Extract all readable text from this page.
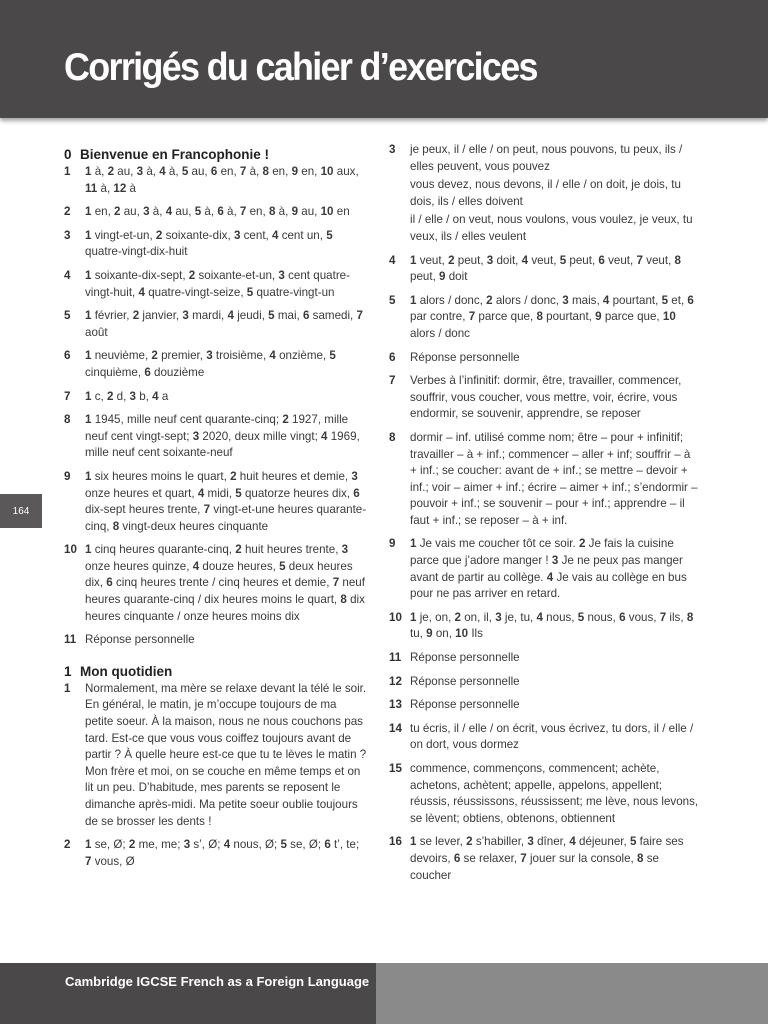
Corrigés du cahier d’exercices
164
0 Bienvenue en Francophonie !
1	1 à, 2 au, 3 à, 4 à, 5 au, 6 en, 7 à, 8 en, 9 en, 10 aux, 11 à, 12 à

2	1 en, 2 au, 3 à, 4 au, 5 à, 6 à, 7 en, 8 à, 9 au, 10 en

3	1 vingt-et-un, 2 soixante-dix, 3 cent, 4 cent un, 5 quatre-vingt-dix-huit

4	1 soixante-dix-sept, 2 soixante-et-un, 3 cent quatre-vingt-huit, 4 quatre-vingt-seize, 5 quatre-vingt-un

5	1 février, 2 janvier, 3 mardi, 4 jeudi, 5 mai, 6 samedi, 7 août

6	1 neuvième, 2 premier, 3 troisième, 4 onzième, 5 cinquième, 6 douzième

7	1 c, 2 d, 3 b, 4 a

8	1 1945, mille neuf cent quarante-cinq; 2 1927, mille neuf cent vingt-sept; 3 2020, deux mille vingt; 4 1969, mille neuf cent soixante-neuf

9	1 six heures moins le quart, 2 huit heures et demie, 3 onze heures et quart, 4 midi, 5 quatorze heures dix, 6 dix-sept heures trente, 7 vingt-et-une heures quarante-cinq, 8 vingt-deux heures cinquante

10 1 cinq heures quarante-cinq, 2 huit heures trente, 3 onze heures quinze, 4 douze heures, 5 deux heures dix, 6 cinq heures trente / cinq heures et demie, 7 neuf heures quarante-cinq / dix heures moins le quart, 8 dix heures cinquante / onze heures moins dix

11 Réponse personnelle

1 Mon quotidien
1	Normalement, ma mère se relaxe devant la télé le soir. En général, le matin, je m’occupe toujours de ma petite soeur. À la maison, nous ne nous couchons pas tard. Est-ce que vous vous coiffez toujours avant de partir ? À quelle heure est-ce que tu te lèves le matin ? Mon frère et moi, on se couche en même temps et on lit un peu. D’habitude, mes parents se reposent le dimanche après-midi. Ma petite soeur oublie toujours de se brosser les dents !

2	1 se, Ø; 2 me, me; 3 s’, Ø; 4 nous, Ø; 5 se, Ø; 6 t’, te; 7 vous, Ø

3	je peux, il / elle / on peut, nous pouvons, tu peux, ils / elles peuvent, vous pouvez

vous devez, nous devons, il / elle / on doit, je dois, tu dois, ils / elles doivent

il / elle / on veut, nous voulons, vous voulez, je veux, tu veux, ils / elles veulent

4	1 veut, 2 peut, 3 doit, 4 veut, 5 peut, 6 veut, 7 veut, 8 peut, 9 doit

5	1 alors / donc, 2 alors / donc, 3 mais, 4 pourtant, 5 et, 6 par contre, 7 parce que, 8 pourtant, 9 parce que, 10 alors / donc

6	Réponse personnelle

7	Verbes à l’infinitif: dormir, être, travailler, commencer, souffrir, vous coucher, vous mettre, voir, écrire, vous endormir, se souvenir, apprendre, se reposer

8	dormir – inf. utilisé comme nom; être – pour + infinitif; travailler – à + inf.; commencer – aller + inf; souffrir – à + inf.; se coucher: avant de + inf.; se mettre – devoir + inf.; voir – aimer + inf.; écrire – aimer + inf.; s’endormir – pouvoir + inf.; se souvenir – pour + inf.; apprendre – il faut + inf.; se reposer – à + inf.

9	1 Je vais me coucher tôt ce soir. 2 Je fais la cuisine parce que j’adore manger ! 3 Je ne peux pas manger avant de partir au collège. 4 Je vais au collège en bus pour ne pas arriver en retard.

10 1 je, on, 2 on, il, 3 je, tu, 4 nous, 5 nous, 6 vous, 7 ils, 8 tu, 9 on, 10 Ils

11 Réponse personnelle

12 Réponse personnelle

13 Réponse personnelle

14 tu écris, il / elle / on écrit, vous écrivez, tu dors, il / elle / on dort, vous dormez

15 commence, commençons, commencent; achète, achetons, achètent; appelle, appelons, appellent; réussis, réussissons, réussissent; me lève, nous levons, se lèvent; obtiens, obtenons, obtiennent

16 1 se lever, 2 s’habiller, 3 dîner, 4 déjeuner, 5 faire ses devoirs, 6 se relaxer, 7 jouer sur la console, 8 se coucher

Cambridge IGCSE French as a Foreign Language
